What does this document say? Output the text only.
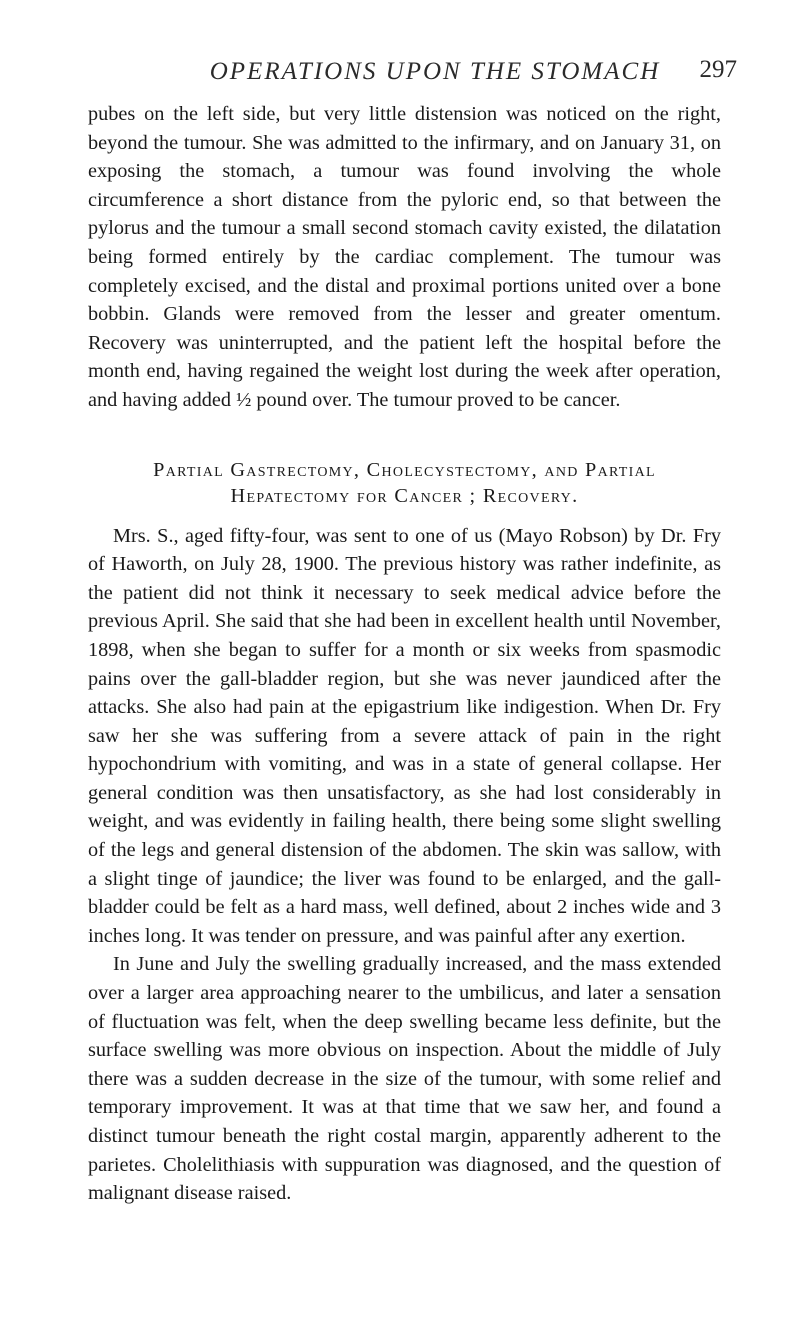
OPERATIONS UPON THE STOMACH	297

pubes on the left side, but very little distension was noticed on the right, beyond the tumour. She was admitted to the infirmary, and on January 31, on exposing the stomach, a tumour was found involving the whole circumference a short distance from the pyloric end, so that between the pylorus and the tumour a small second stomach cavity existed, the dilatation being formed entirely by the cardiac complement. The tumour was completely excised, and the distal and proximal portions united over a bone bobbin. Glands were removed from the lesser and greater omentum. Recovery was uninterrupted, and the patient left the hospital before the month end, having regained the weight lost during the week after operation, and having added ½ pound over. The tumour proved to be cancer.

Partial Gastrectomy, Cholecystectomy, and Partial
Hepatectomy for Cancer ; Recovery.

Mrs. S., aged fifty-four, was sent to one of us (Mayo Robson) by Dr. Fry of Haworth, on July 28, 1900. The previous history was rather indefinite, as the patient did not think it necessary to seek medical advice before the previous April. She said that she had been in excellent health until November, 1898, when she began to suffer for a month or six weeks from spasmodic pains over the gall-bladder region, but she was never jaundiced after the attacks. She also had pain at the epigastrium like indigestion. When Dr. Fry saw her she was suffering from a severe attack of pain in the right hypochondrium with vomiting, and was in a state of general collapse. Her general condition was then unsatisfactory, as she had lost considerably in weight, and was evidently in failing health, there being some slight swelling of the legs and general distension of the abdomen. The skin was sallow, with a slight tinge of jaundice; the liver was found to be enlarged, and the gall-bladder could be felt as a hard mass, well defined, about 2 inches wide and 3 inches long. It was tender on pressure, and was painful after any exertion.

In June and July the swelling gradually increased, and the mass extended over a larger area approaching nearer to the umbilicus, and later a sensation of fluctuation was felt, when the deep swelling became less definite, but the surface swelling was more obvious on inspection. About the middle of July there was a sudden decrease in the size of the tumour, with some relief and temporary improvement. It was at that time that we saw her, and found a distinct tumour beneath the right costal margin, apparently adherent to the parietes. Cholelithiasis with suppuration was diagnosed, and the question of malignant disease raised.
